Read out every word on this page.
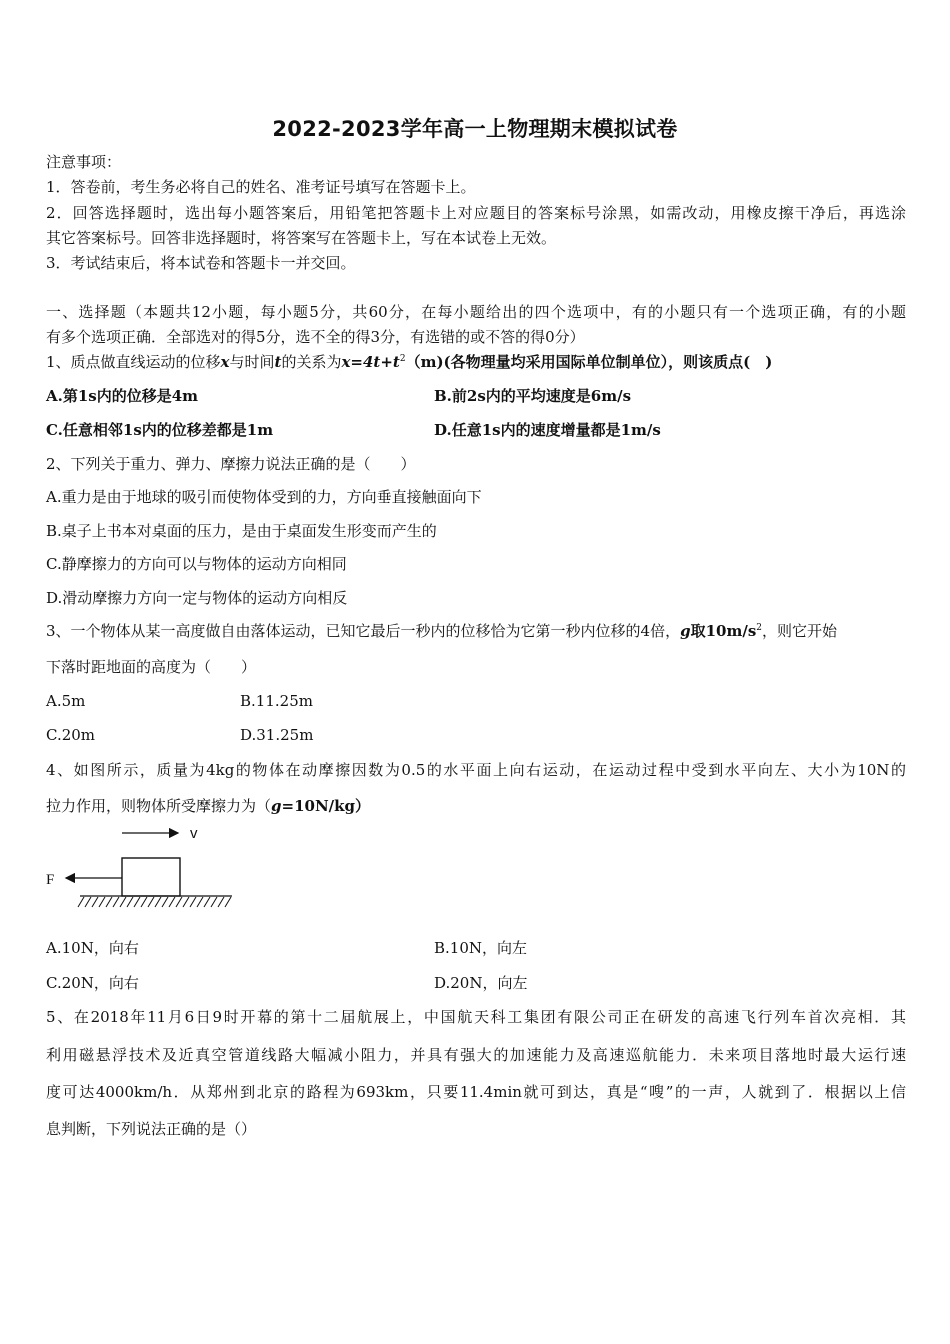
2022-2023学年高一上物理期末模拟试卷
注意事项：
1．答卷前，考生务必将自己的姓名、准考证号填写在答题卡上。
2．回答选择题时，选出每小题答案后，用铅笔把答题卡上对应题目的答案标号涂黑，如需改动，用橡皮擦干净后，再选涂
其它答案标号。回答非选择题时，将答案写在答题卡上，写在本试卷上无效。
3．考试结束后，将本试卷和答题卡一并交回。
一、选择题（本题共12小题，每小题5分，共60分，在每小题给出的四个选项中，有的小题只有一个选项正确，有的小题
有多个选项正确．全部选对的得5分，选不全的得3分，有选错的或不答的得0分）
1、质点做直线运动的位移x与时间t的关系为$x=4t+t^2(m)$(各物理量均采用国际单位制单位），则该质点(　)
A.第1s内的位移是4m	B.前2s内的平均速度是6m/s
C.任意相邻1s内的位移差都是1m	D.任意1s内的速度增量都是1m/s
2、下列关于重力、弹力、摩擦力说法正确的是（　　）
A.重力是由于地球的吸引而使物体受到的力，方向垂直接触面向下
B.桌子上书本对桌面的压力，是由于桌面发生形变而产生的
C.静摩擦力的方向可以与物体的运动方向相同
D.滑动摩擦力方向一定与物体的运动方向相反
3、一个物体从某一高度做自由落体运动，已知它最后一秒内的位移恰为它第一秒内位移的4倍，g取$10m/s^2$，则它开始
下落时距地面的高度为（　　）
A.5m	B.11.25m
C.20m	D.31.25m
4、如图所示，质量为4kg的物体在动摩擦因数为0.5的水平面上向右运动，在运动过程中受到水平向左、大小为10N的
拉力作用，则物体所受摩擦力为（g=10N/kg）
v
F
A.10N，向右	B.10N，向左
C.20N，向右	D.20N，向左
5、在2018年11月6日9时开幕的第十二届航展上，中国航天科工集团有限公司正在研发的高速飞行列车首次亮相．其
利用磁悬浮技术及近真空管道线路大幅减小阻力，并具有强大的加速能力及高速巡航能力．未来项目落地时最大运行速
度可达4000km/h．从郑州到北京的路程为693km，只要11.4min就可到达，真是“嗖”的一声，人就到了．根据以上信
息判断，下列说法正确的是（）
